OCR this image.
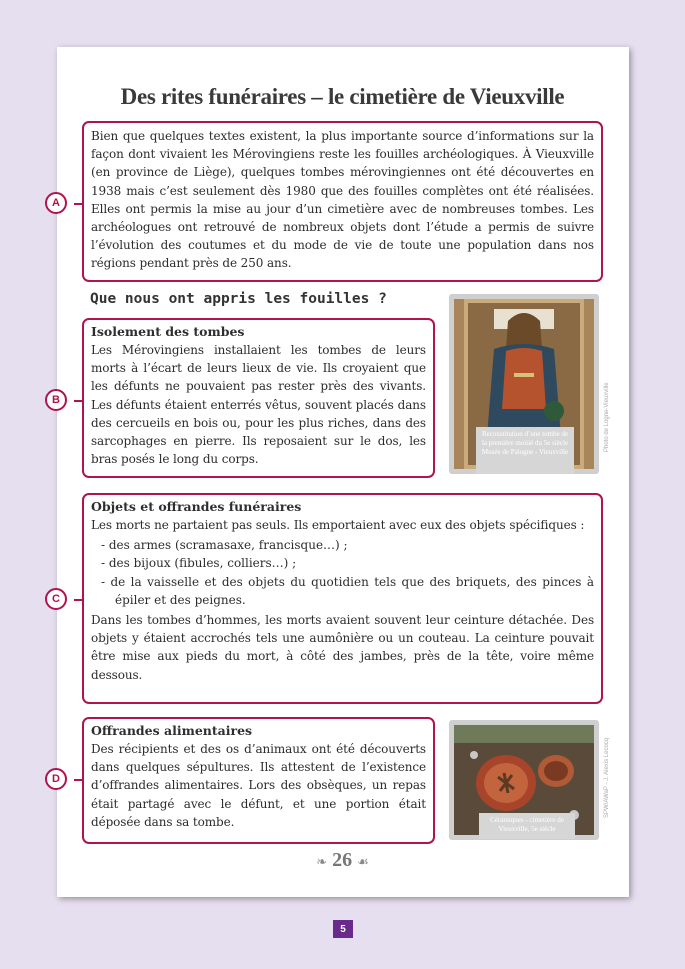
Des rites funéraires – le cimetière de Vieuxville
A

Bien que quelques textes existent, la plus importante source d’informations sur la façon dont vivaient les Mérovingiens reste les fouilles archéologiques. À Vieuxville (en province de Liège), quelques tombes mérovingiennes ont été découvertes en 1938 mais c’est seulement dès 1980 que des fouilles complètes ont été réalisées. Elles ont permis la mise au jour d’un cimetière avec de nombreuses tombes. Les archéologues ont retrouvé de nombreux objets dont l’étude a permis de suivre l’évolution des coutumes et du mode de vie de toute une population dans nos régions pendant près de 250 ans.

Que nous ont appris les fouilles ?
B
Isolement des tombes

Les Mérovingiens installaient les tombes de leurs morts à l’écart de leurs lieux de vie. Ils croyaient que les défunts ne pouvaient pas rester près des vivants. Les défunts étaient enterrés vêtus, souvent placés dans des cercueils en bois ou, pour les plus riches, dans des sarcophages en pierre. Ils reposaient sur le dos, les bras posés le long du corps.

Reconstitution d’une tombe de la première moitié du 5e siècle Musée de Palogne - Vieuxville	Photo de Logne-Vieuxville
C
Objets et offrandes funéraires

Les morts ne partaient pas seuls. Ils emportaient avec eux des objets spécifiques :

- des armes (scramasaxe, francisque…) ;
- des bijoux (fibules, colliers…) ;
- de la vaisselle et des objets du quotidien tels que des briquets, des pinces à épiler et des peignes.

Dans les tombes d’hommes, les morts avaient souvent leur ceinture détachée. Des objets y étaient accrochés tels une aumônière ou un couteau. La ceinture pouvait être mise aux pieds du mort, à côté des jambes, près de la tête, voire même dessous.

D
Offrandes alimentaires

Des récipients et des os d’animaux ont été découverts dans quelques sépultures. Ils attestent de l’existence d’offrandes alimentaires. Lors des obsèques, un repas était partagé avec le défunt, et une portion était déposée dans sa tombe.	Céramiques - cimetière de Vieuxville, 5e siècle
SPW/AWaP - J. Alexis Lecocq
❧ 26 ☙
5
